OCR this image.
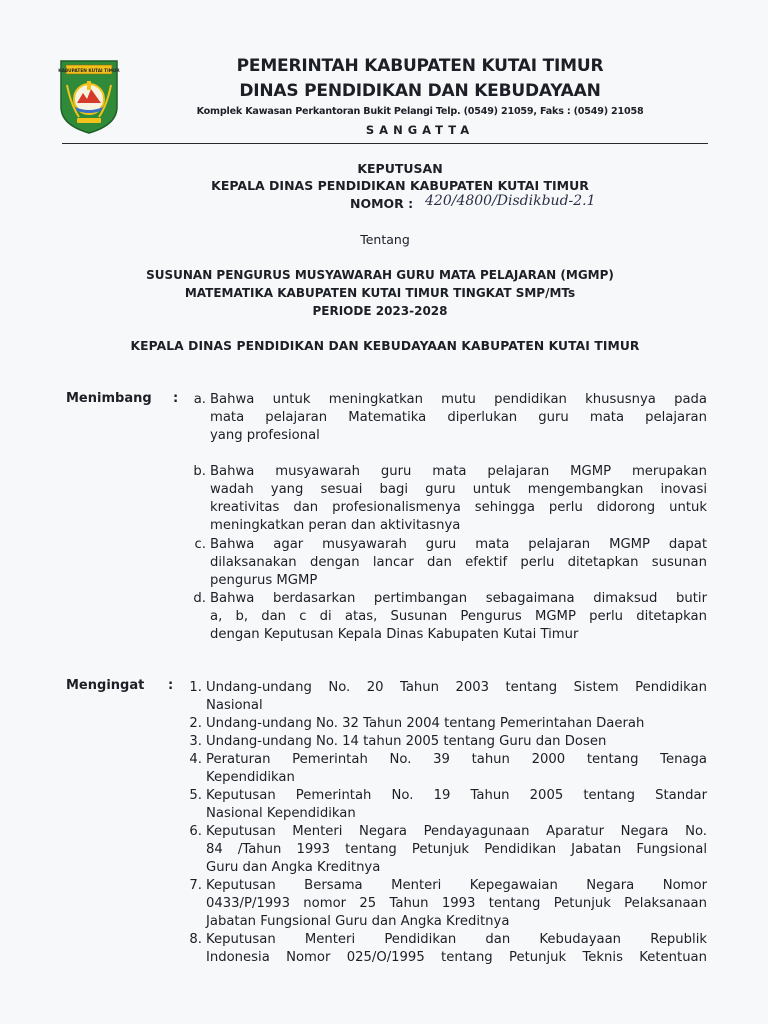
KABUPATEN KUTAI TIMUR	PEMERINTAH KABUPATEN KUTAI TIMUR
DINAS PENDIDIKAN DAN KEBUDAYAAN
Komplek Kawasan Perkantoran Bukit Pelangi Telp. (0549) 21059, Faks : (0549) 21058
SANGATTA
KEPUTUSAN
KEPALA DINAS PENDIDIKAN KABUPATEN KUTAI TIMUR
NOMOR : 420/4800/Disdikbud-2.1
Tentang
SUSUNAN PENGURUS MUSYAWARAH GURU MATA PELAJARAN (MGMP)
MATEMATIKA KABUPATEN KUTAI TIMUR TINGKAT SMP/MTs
PERIODE 2023-2028
KEPALA DINAS PENDIDIKAN DAN KEBUDAYAAN KABUPATEN KUTAI TIMUR
Menimbang :	a. Bahwa untuk meningkatkan mutu pendidikan khususnya pada
mata pelajaran Matematika diperlukan guru mata pelajaran
yang profesional
b. Bahwa musyawarah guru mata pelajaran MGMP merupakan
wadah yang sesuai bagi guru untuk mengembangkan inovasi
kreativitas dan profesionalismenya sehingga perlu didorong untuk
meningkatkan peran dan aktivitasnya
c. Bahwa agar musyawarah guru mata pelajaran MGMP dapat
dilaksanakan dengan lancar dan efektif perlu ditetapkan susunan
pengurus MGMP
d. Bahwa berdasarkan pertimbangan sebagaimana dimaksud butir
a, b, dan c di atas, Susunan Pengurus MGMP perlu ditetapkan
dengan Keputusan Kepala Dinas Kabupaten Kutai Timur
Mengingat :	1. Undang-undang No. 20 Tahun 2003 tentang Sistem Pendidikan
Nasional
2. Undang-undang No. 32 Tahun 2004 tentang Pemerintahan Daerah
3. Undang-undang No. 14 tahun 2005 tentang Guru dan Dosen
4. Peraturan Pemerintah No. 39 tahun 2000 tentang Tenaga
Kependidikan
5. Keputusan Pemerintah No. 19 Tahun 2005 tentang Standar
Nasional Kependidikan
6. Keputusan Menteri Negara Pendayagunaan Aparatur Negara No.
84 /Tahun 1993 tentang Petunjuk Pendidikan Jabatan Fungsional
Guru dan Angka Kreditnya
7. Keputusan Bersama Menteri Kepegawaian Negara Nomor
0433/P/1993 nomor 25 Tahun 1993 tentang Petunjuk Pelaksanaan
Jabatan Fungsional Guru dan Angka Kreditnya
8. Keputusan Menteri Pendidikan dan Kebudayaan Republik
Indonesia Nomor 025/O/1995 tentang Petunjuk Teknis Ketentuan
